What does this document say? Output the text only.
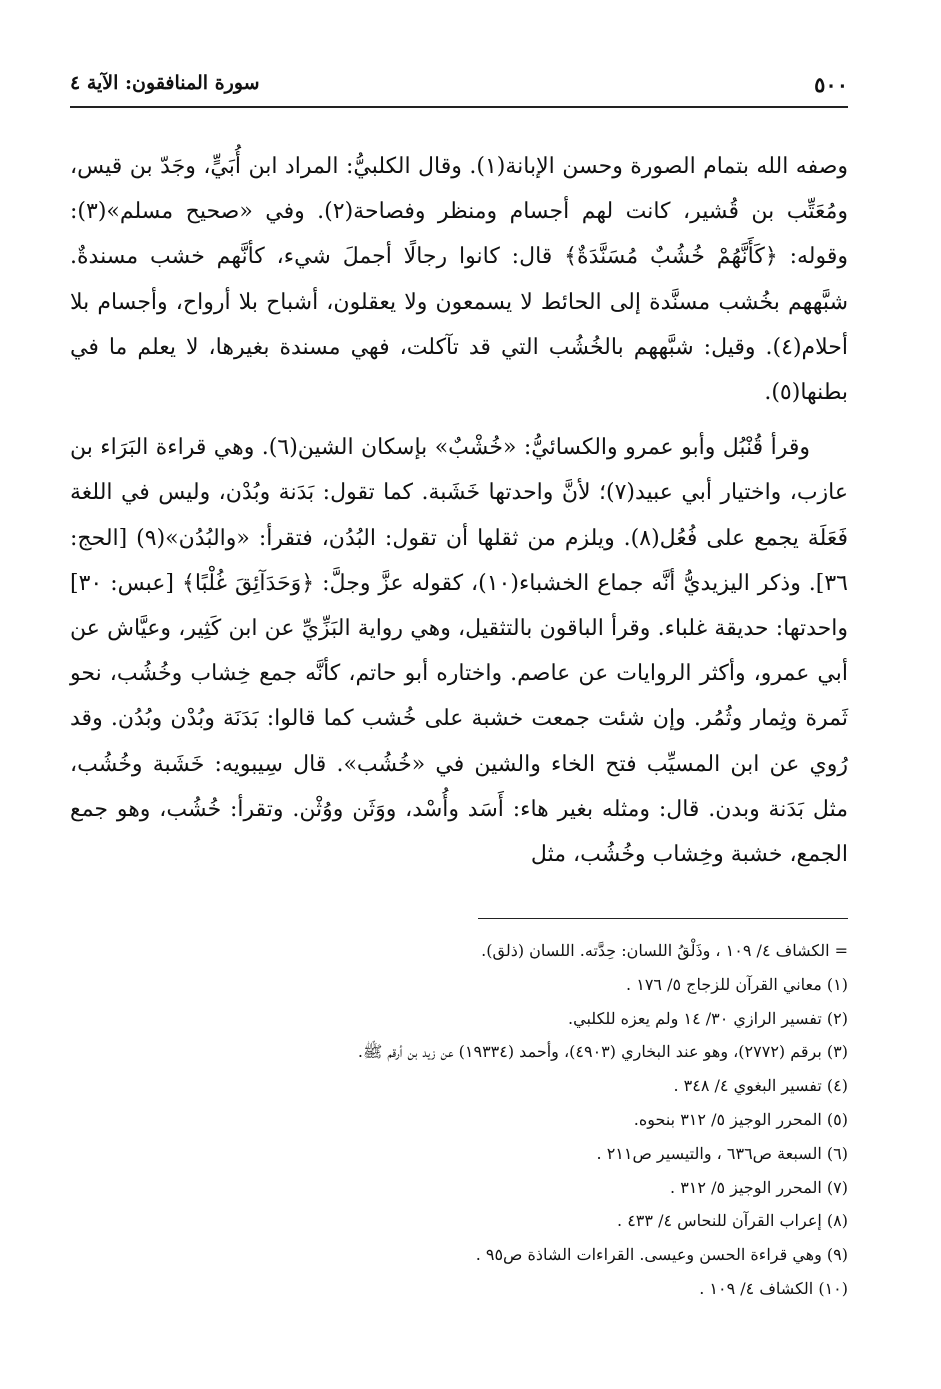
٥٠٠
سورة المنافقون: الآية ٤

وصفه الله بتمام الصورة وحسن الإبانة(١). وقال الكلبيُّ: المراد ابن أُبَيٍّ، وجَدّ بن قيس، ومُعَتِّب بن قُشير، كانت لهم أجسام ومنظر وفصاحة(٢). وفي «صحيح مسلم»(٣): وقوله: ﴿كَأَنَّهُمْ خُشُبٌ مُسَنَّدَةٌ﴾ قال: كانوا رجالًا أجملَ شيء، كأنَّهم خشب مسندةٌ. شبَّههم بخُشب مسنَّدة إلى الحائط لا يسمعون ولا يعقلون، أشباح بلا أرواح، وأجسام بلا أحلام(٤). وقيل: شبَّههم بالخُشُب التي قد تآكلت، فهي مسندة بغيرها، لا يعلم ما في بطنها(٥).

وقرأ قُنْبُل وأبو عمرو والكسائيُّ: «خُشْبٌ» بإسكان الشين(٦). وهي قراءة البَرَاء بن عازب، واختيار أبي عبيد(٧)؛ لأنَّ واحدتها خَشَبة. كما تقول: بَدَنة وبُدْن، وليس في اللغة فَعَلَة يجمع على فُعُل(٨). ويلزم من ثقلها أن تقول: البُدُن، فتقرأ: «والبُدُن»(٩) [الحج: ٣٦]. وذكر اليزيديُّ أنَّه جماع الخشباء(١٠)، كقوله عزَّ وجلَّ: ﴿وَحَدَآئِقَ غُلْبًا﴾ [عبس: ٣٠] واحدتها: حديقة غلباء. وقرأ الباقون بالتثقيل، وهي رواية البَزِّيِّ عن ابن كَثِير، وعيَّاش عن أبي عمرو، وأكثر الروايات عن عاصم. واختاره أبو حاتم، كأنَّه جمع خِشاب وخُشُب، نحو ثَمرة وثِمار وثُمُر. وإن شئت جمعت خشبة على خُشب كما قالوا: بَدَنَة وبُدْن وبُدُن. وقد رُوي عن ابن المسيِّب فتح الخاء والشين في «خُشُب». قال سِيبويه: خَشَبة وخُشُب، مثل بَدَنة وبدن. قال: ومثله بغير هاء: أَسَد وأُسْد، ووَثَن ووُثْن. وتقرأ: خُشُب، وهو جمع الجمع، خشبة وخِشاب وخُشُب، مثل

= الكشاف ٤/ ١٠٩ ، وذَلْقُ اللسان: حِدَّته. اللسان (ذلق).
(١) معاني القرآن للزجاج ٥/ ١٧٦ .
(٢) تفسير الرازي ٣٠/ ١٤ ولم يعزه للكلبي.
(٣) برقم (٢٧٧٢)، وهو عند البخاري (٤٩٠٣)، وأحمد (١٩٣٣٤) عن زيد بن أرقم ﷺ.
(٤) تفسير البغوي ٤/ ٣٤٨ .
(٥) المحرر الوجيز ٥/ ٣١٢ بنحوه.
(٦) السبعة ص٦٣٦ ، والتيسير ص٢١١ .
(٧) المحرر الوجيز ٥/ ٣١٢ .
(٨) إعراب القرآن للنحاس ٤/ ٤٣٣ .
(٩) وهي قراءة الحسن وعيسى. القراءات الشاذة ص٩٥ .
(١٠) الكشاف ٤/ ١٠٩ .
